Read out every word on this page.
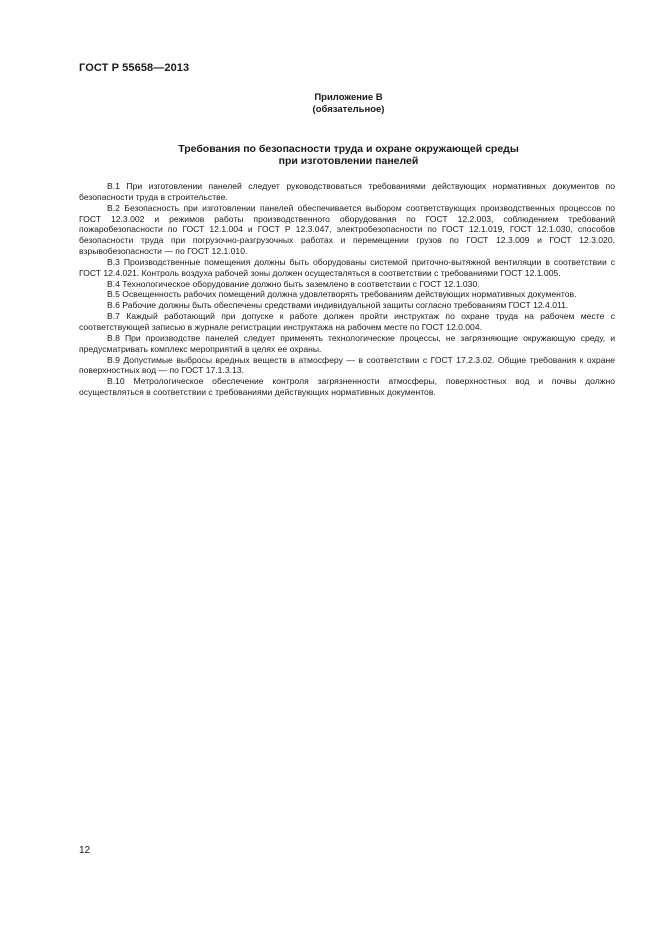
ГОСТ Р 55658—2013
Приложение В
(обязательное)
Требования по безопасности труда и охране окружающей среды
при изготовлении панелей

В.1 При изготовлении панелей следует руководствоваться требованиями действующих нормативных документов по безопасности труда в строительстве.

В.2 Безопасность при изготовлении панелей обеспечивается выбором соответствующих производственных процессов по ГОСТ 12.3.002 и режимов работы производственного оборудования по ГОСТ 12.2.003, соблюдением требований пожаробезопасности по ГОСТ 12.1.004 и ГОСТ Р 12.3.047, электробезопасности по ГОСТ 12.1.019, ГОСТ 12.1.030, способов безопасности труда при погрузочно-разгрузочных работах и перемещении грузов по ГОСТ 12.3.009 и ГОСТ 12.3.020, взрывобезопасности — по ГОСТ 12.1.010.

В.3 Производственные помещения должны быть оборудованы системой приточно-вытяжной вентиляции в соответствии с ГОСТ 12.4.021. Контроль воздуха рабочей зоны должен осуществляться в соответствии с требованиями ГОСТ 12.1.005.

В.4 Технологическое оборудование должно быть заземлено в соответствии с ГОСТ 12.1.030.

В.5 Освещенность рабочих помещений должна удовлетворять требованиям действующих нормативных документов.

В.6 Рабочие должны быть обеспечены средствами индивидуальной защиты согласно требованиям ГОСТ 12.4.011.

В.7 Каждый работающий при допуске к работе должен пройти инструктаж по охране труда на рабочем месте с соответствующей записью в журнале регистрации инструктажа на рабочем месте по ГОСТ 12.0.004.

В.8 При производстве панелей следует применять технологические процессы, не загрязняющие окружающую среду, и предусматривать комплекс мероприятий в целях ее охраны.

В.9 Допустимые выбросы вредных веществ в атмосферу — в соответствии с ГОСТ 17.2.3.02. Общие требования к охране поверхностных вод — по ГОСТ 17.1.3.13.

В.10 Метрологическое обеспечение контроля загрязненности атмосферы, поверхностных вод и почвы должно осуществляться в соответствии с требованиями действующих нормативных документов.

12
